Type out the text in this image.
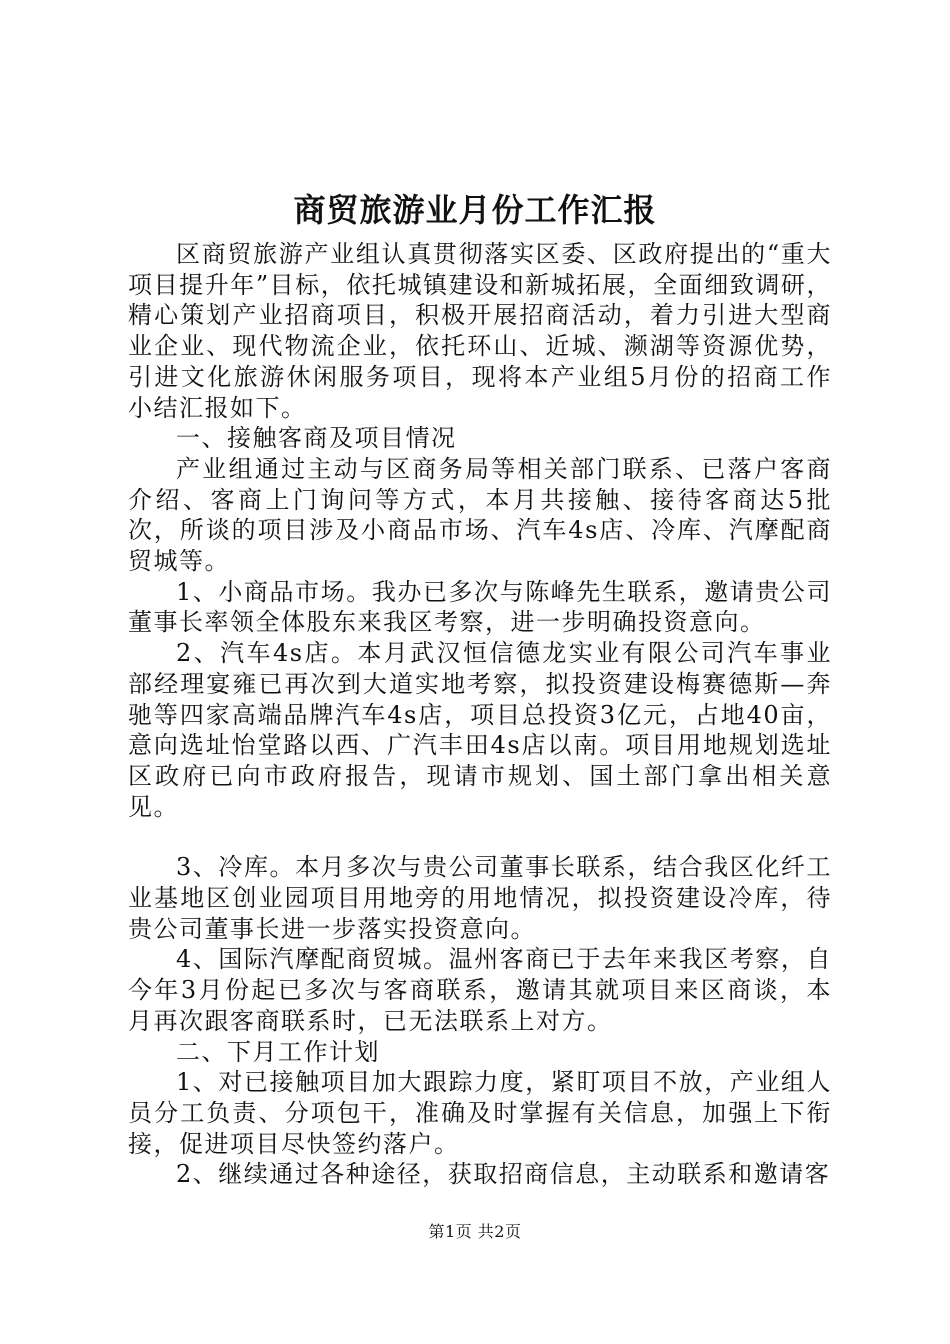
商贸旅游业月份工作汇报

区商贸旅游产业组认真贯彻落实区委、区政府提出的“重大项目提升年”目标，依托城镇建设和新城拓展，全面细致调研，精心策划产业招商项目，积极开展招商活动，着力引进大型商业企业、现代物流企业，依托环山、近城、濒湖等资源优势，引进文化旅游休闲服务项目，现将本产业组5月份的招商工作小结汇报如下。

一、接触客商及项目情况

产业组通过主动与区商务局等相关部门联系、已落户客商介绍、客商上门询问等方式，本月共接触、接待客商达5批次，所谈的项目涉及小商品市场、汽车4s店、冷库、汽摩配商贸城等。

1、小商品市场。我办已多次与陈峰先生联系，邀请贵公司董事长率领全体股东来我区考察，进一步明确投资意向。

2、汽车4s店。本月武汉恒信德龙实业有限公司汽车事业部经理宴雍已再次到大道实地考察，拟投资建设梅赛德斯—奔驰等四家高端品牌汽车4s店，项目总投资3亿元，占地40亩，意向选址怡堂路以西、广汽丰田4s店以南。项目用地规划选址区政府已向市政府报告，现请市规划、国土部门拿出相关意见。

3、冷库。本月多次与贵公司董事长联系，结合我区化纤工业基地区创业园项目用地旁的用地情况，拟投资建设冷库，待贵公司董事长进一步落实投资意向。

4、国际汽摩配商贸城。温州客商已于去年来我区考察，自今年3月份起已多次与客商联系，邀请其就项目来区商谈，本月再次跟客商联系时，已无法联系上对方。

二、下月工作计划

1、对已接触项目加大跟踪力度，紧盯项目不放，产业组人员分工负责、分项包干，准确及时掌握有关信息，加强上下衔接，促进项目尽快签约落户。

2、继续通过各种途径，获取招商信息，主动联系和邀请客

第1页 共2页
